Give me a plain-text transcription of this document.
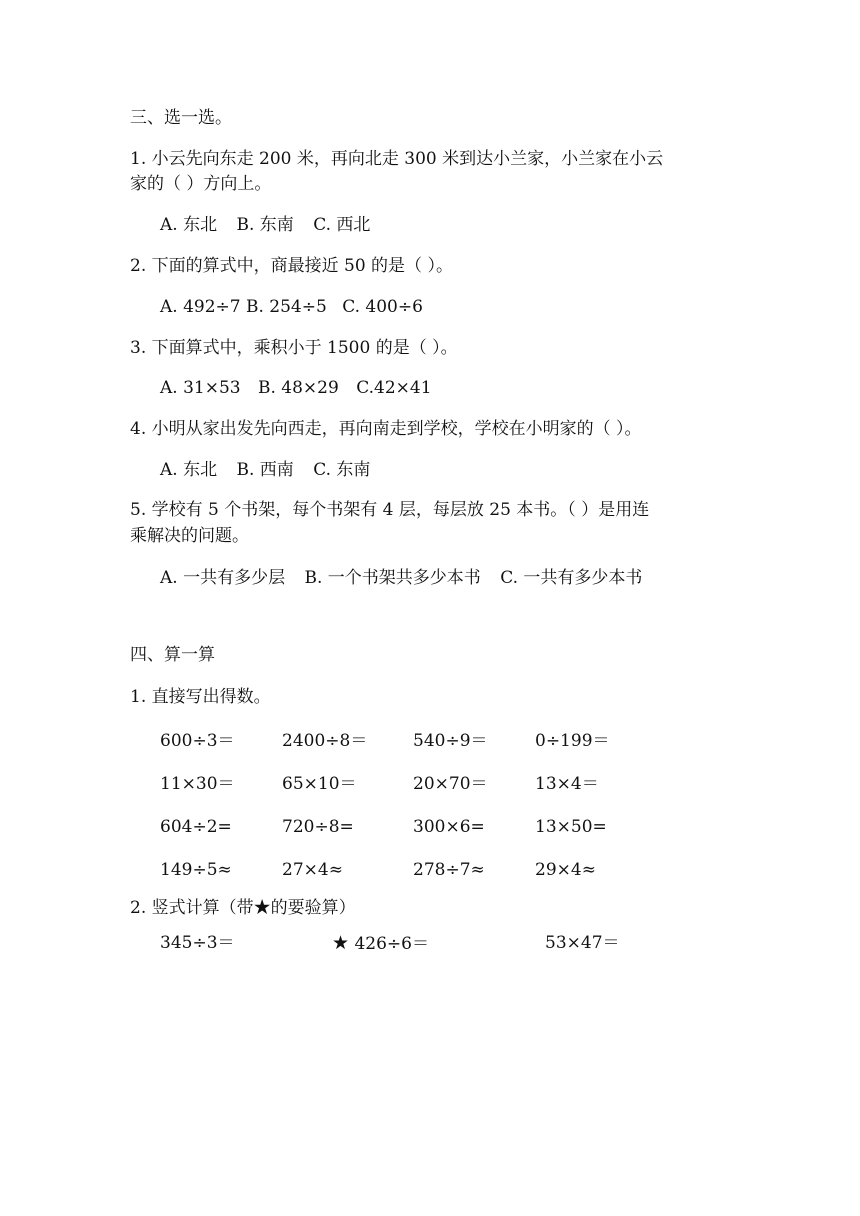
三、选一选。
1. 小云先向东走 200 米，再向北走 300 米到达小兰家，小兰家在小云
家的（ ）方向上。
A. 东北 B. 东南 C. 西北
2. 下面的算式中，商最接近 50 的是（ ）。
A. 492÷7 B. 254÷5 C. 400÷6
3. 下面算式中，乘积小于 1500 的是（ ）。
A. 31×53 B. 48×29 C.42×41
4. 小明从家出发先向西走，再向南走到学校，学校在小明家的（ ）。
A. 东北 B. 西南 C. 东南
5. 学校有 5 个书架，每个书架有 4 层，每层放 25 本书。（ ）是用连
乘解决的问题。
A. 一共有多少层 B. 一个书架共多少本书 C. 一共有多少本书
四、算一算
1. 直接写出得数。
600÷3＝	2400÷8＝	540÷9＝	0÷199＝
11×30＝	65×10＝	20×70＝	13×4＝
604÷2=	720÷8=	300×6=	13×50=
149÷5≈	27×4≈	278÷7≈	29×4≈
2. 竖式计算（带★的要验算）
345÷3＝	★ 426÷6＝	53×47＝
